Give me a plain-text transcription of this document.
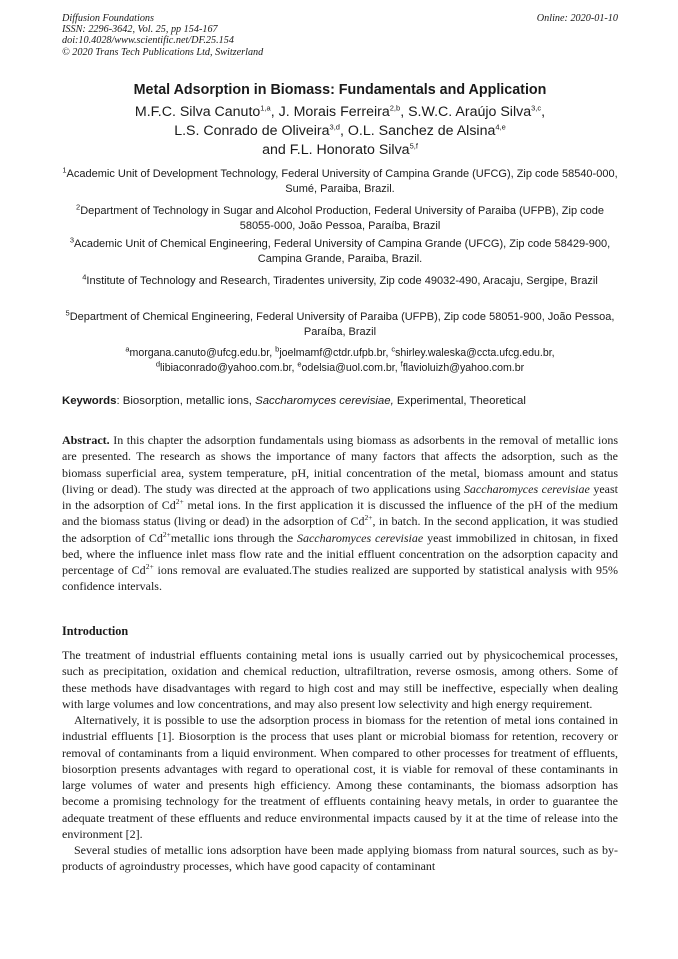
Diffusion Foundations
ISSN: 2296-3642, Vol. 25, pp 154-167
doi:10.4028/www.scientific.net/DF.25.154
© 2020 Trans Tech Publications Ltd, Switzerland
Online: 2020-01-10
Metal Adsorption in Biomass: Fundamentals and Application
M.F.C. Silva Canuto$^{1,a}$, J. Morais Ferreira$^{2,b}$, S.W.C. Araújo Silva$^{3,c}$,
L.S. Conrado de Oliveira$^{3,d}$, O.L. Sanchez de Alsina$^{4,e}$
and F.L. Honorato Silva$^{5,f}$
$^1$Academic Unit of Development Technology, Federal University of Campina Grande (UFCG), Zip code 58540-000, Sumé, Paraiba, Brazil.
$^2$Department of Technology in Sugar and Alcohol Production, Federal University of Paraiba (UFPB), Zip code 58055-000, João Pessoa, Paraíba, Brazil
$^3$Academic Unit of Chemical Engineering, Federal University of Campina Grande (UFCG), Zip code 58429-900, Campina Grande, Paraiba, Brazil.
$^4$Institute of Technology and Research, Tiradentes university, Zip code 49032-490, Aracaju, Sergipe, Brazil
$^5$Department of Chemical Engineering, Federal University of Paraiba (UFPB), Zip code 58051-900, João Pessoa, Paraíba, Brazil
$^a$morgana.canuto@ufcg.edu.br, $^b$joelmamf@ctdr.ufpb.br, $^c$shirley.waleska@ccta.ufcg.edu.br,
$^d$libiaconrado@yahoo.com.br, $^e$odelsia@uol.com.br, $^f$flavioluizh@yahoo.com.br
Keywords: Biosorption, metallic ions, Saccharomyces cerevisiae, Experimental, Theoretical
Abstract. In this chapter the adsorption fundamentals using biomass as adsorbents in the removal of metallic ions are presented. The research as shows the importance of many factors that affects the adsorption, such as the biomass superficial area, system temperature, pH, initial concentration of the metal, biomass amount and status (living or dead). The study was directed at the approach of two applications using Saccharomyces cerevisiae yeast in the adsorption of $Cd^{2+}$ metal ions. In the first application it is discussed the influence of the pH of the medium and the biomass status (living or dead) in the adsorption of $Cd^{2+}$, in batch. In the second application, it was studied the adsorption of $Cd^{2+}metallic$ ions through the Saccharomyces cerevisiae yeast immobilized in chitosan, in fixed bed, where the influence inlet mass flow rate and the initial effluent concentration on the adsorption capacity and percentage of $Cd^{2+}$ ions removal are evaluated.The studies realized are supported by statistical analysis with 95% confidence intervals.
Introduction

The treatment of industrial effluents containing metal ions is usually carried out by physicochemical processes, such as precipitation, oxidation and chemical reduction, ultrafiltration, reverse osmosis, among others. Some of these methods have disadvantages with regard to high cost and may still be ineffective, especially when dealing with large volumes and low concentrations, and may also present low selectivity and high energy requirement.

Alternatively, it is possible to use the adsorption process in biomass for the retention of metal ions contained in industrial effluents [1]. Biosorption is the process that uses plant or microbial biomass for retention, recovery or removal of contaminants from a liquid environment. When compared to other processes for treatment of effluents, biosorption presents advantages with regard to operational cost, it is viable for removal of these contaminants in large volumes of water and presents high efficiency. Among these contaminants, the biomass adsorption has become a promising technology for the treatment of effluents containing heavy metals, in order to guarantee the adequate treatment of these effluents and reduce environmental impacts caused by it at the time of release into the environment [2].

Several studies of metallic ions adsorption have been made applying biomass from natural sources, such as by-products of agroindustry processes, which have good capacity of contaminant
